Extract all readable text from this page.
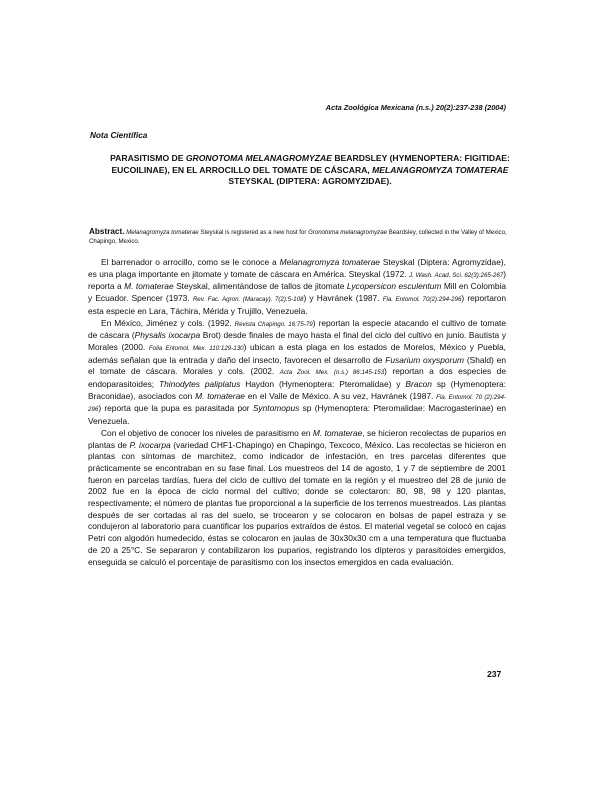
Acta Zoológica Mexicana (n.s.) 20(2):237-238 (2004)
Nota Científica
PARASITISMO DE GRONOTOMA MELANAGROMYZAE BEARDSLEY (HYMENOPTERA: FIGITIDAE: EUCOILINAE), EN EL ARROCILLO DEL TOMATE DE CÁSCARA, MELANAGROMYZA TOMATERAE STEYSKAL (DIPTERA: AGROMYZIDAE).
Abstract. Melanagromyza tomaterae Steyskal is registered as a new host for Gronotoma melanagromyzae Beardsley, collected in the Valley of Mexico, Chapingo, Mexico.

El barrenador o arrocillo, como se le conoce a Melanagromyza tomaterae Steyskal (Diptera: Agromyzidae), es una plaga importante en jitomate y tomate de cáscara en América. Steyskal (1972. J. Wash. Acad. Sci. 62(3):265-267) reporta a M. tomaterae Steyskal, alimentándose de tallos de jitomate Lycopersicon esculentum Mill en Colombia y Ecuador. Spencer (1973. Rev. Fac. Agron. (Maracay). 7(2):5-108) y Havránek (1987. Fla. Entomol. 70(2):294-296) reportaron esta especie en Lara, Táchira, Mérida y Trujillo, Venezuela.

En México, Jiménez y cols. (1992. Revista Chapingo. 16:75-79) reportan la especie atacando el cultivo de tomate de cáscara (Physalis ixocarpa Brot) desde finales de mayo hasta el final del ciclo del cultivo en junio. Bautista y Morales (2000. Folia Entomol. Mex. 110:129-130) ubican a esta plaga en los estados de Morelos, México y Puebla, además señalan que la entrada y daño del insecto, favorecen el desarrollo de Fusarium oxysporum (Shald) en el tomate de cáscara. Morales y cols. (2002. Acta Zool. Mex. (n.s.) 86:145-153) reportan a dos especies de endoparasitoides; Thinodytes paliplatus Haydon (Hymenoptera: Pteromalidae) y Bracon sp (Hymenoptera: Braconidae), asociados con M. tomaterae en el Valle de México. A su vez, Havránek (1987. Fla. Entomol. 70 (2):294-296) reporta que la pupa es parasitada por Syntomopus sp (Hymenoptera: Pteromalidae: Macrogasterinae) en Venezuela.

Con el objetivo de conocer los niveles de parasitismo en M. tomaterae, se hicieron recolectas de puparios en plantas de P. ixocarpa (variedad CHF1-Chapingo) en Chapingo, Texcoco, México. Las recolectas se hicieron en plantas con síntomas de marchitez, como indicador de infestación, en tres parcelas diferentes que prácticamente se encontraban en su fase final. Los muestreos del 14 de agosto, 1 y 7 de septiembre de 2001 fueron en parcelas tardías, fuera del ciclo de cultivo del tomate en la región y el muestreo del 28 de junio de 2002 fue en la época de ciclo normal del cultivo; donde se colectaron: 80, 98, 98 y 120 plantas, respectivamente; el número de plantas fue proporcional a la superficie de los terrenos muestreados. Las plantas después de ser cortadas al ras del suelo, se trocearon y se colocaron en bolsas de papel estraza y se condujeron al laboratorio para cuantificar los puparios extraídos de éstos. El material vegetal se colocó en cajas Petri con algodón humedecido, éstas se colocaron en jaulas de 30x30x30 cm a una temperatura que fluctuaba de 20 a 25°C. Se separaron y contabilizaron los puparios, registrando los dípteros y parasitoides emergidos, enseguida se calculó el porcentaje de parasitismo con los insectos emergidos en cada evaluación.

237
